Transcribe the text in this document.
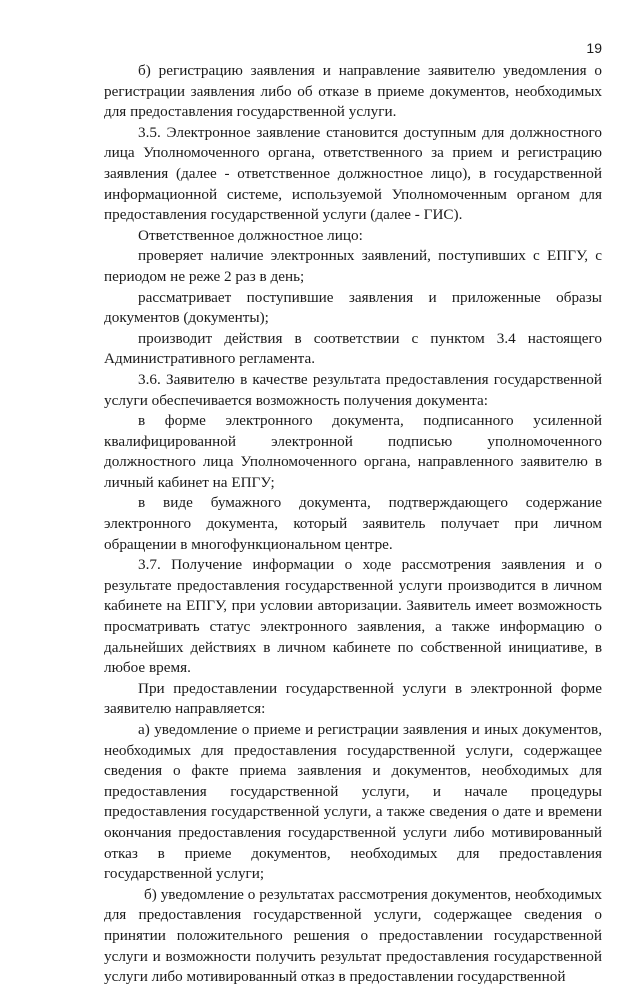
19

б) регистрацию заявления и направление заявителю уведомления о регистрации заявления либо об отказе в приеме документов, необходимых для предоставления государственной услуги.

3.5. Электронное заявление становится доступным для должностного лица Уполномоченного органа, ответственного за прием и регистрацию заявления (далее - ответственное должностное лицо), в государственной информационной системе, используемой Уполномоченным органом для предоставления государственной услуги (далее - ГИС).

Ответственное должностное лицо:

проверяет наличие электронных заявлений, поступивших с ЕПГУ, с периодом не реже 2 раз в день;

рассматривает поступившие заявления и приложенные образы документов (документы);

производит действия в соответствии с пунктом 3.4 настоящего Административного регламента.

3.6. Заявителю в качестве результата предоставления государственной услуги обеспечивается возможность получения документа:

в форме электронного документа, подписанного усиленной квалифицированной электронной подписью уполномоченного должностного лица Уполномоченного органа, направленного заявителю в личный кабинет на ЕПГУ;

в виде бумажного документа, подтверждающего содержание электронного документа, который заявитель получает при личном обращении в многофункциональном центре.

3.7. Получение информации о ходе рассмотрения заявления и о результате предоставления государственной услуги производится в личном кабинете на ЕПГУ, при условии авторизации. Заявитель имеет возможность просматривать статус электронного заявления, а также информацию о дальнейших действиях в личном кабинете по собственной инициативе, в любое время.

При предоставлении государственной услуги в электронной форме заявителю направляется:

а) уведомление о приеме и регистрации заявления и иных документов, необходимых для предоставления государственной услуги, содержащее сведения о факте приема заявления и документов, необходимых для предоставления государственной услуги, и начале процедуры предоставления государственной услуги, а также сведения о дате и времени окончания предоставления государственной услуги либо мотивированный отказ в приеме документов, необходимых для предоставления государственной услуги;

б) уведомление о результатах рассмотрения документов, необходимых для предоставления государственной услуги, содержащее сведения о принятии положительного решения о предоставлении государственной услуги и возможности получить результат предоставления государственной услуги либо мотивированный отказ в предоставлении государственной
